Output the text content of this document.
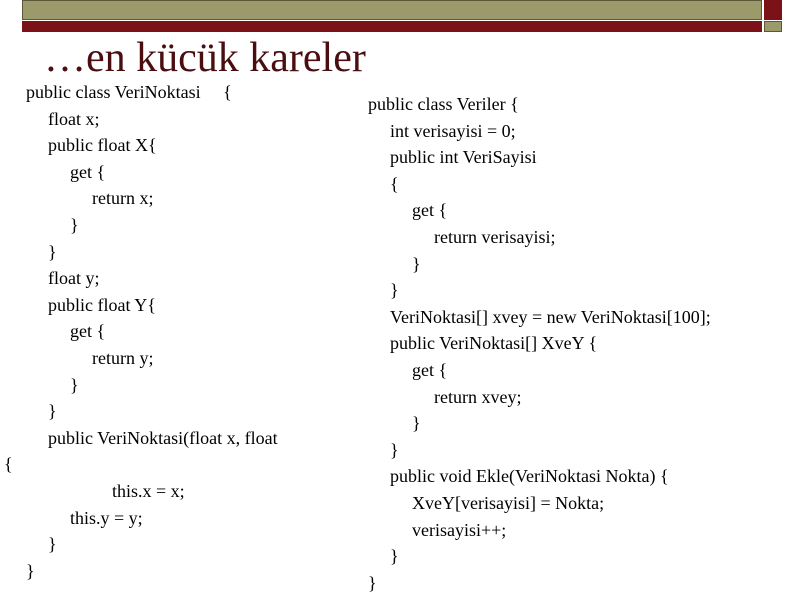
…en kücük kareler
public class VeriNoktasi     {
float x;
public float X{
get {
return x;
}
}
float y;
public float Y{
get {
return y;
}
}
public VeriNoktasi(float x, float
{
this.x = x;
this.y = y;
}
}
public class Veriler {
int verisayisi = 0;
public int VeriSayisi
{
get {
return verisayisi;
}
}
VeriNoktasi[] xvey = new VeriNoktasi[100];
public VeriNoktasi[] XveY {
get {
return xvey;
}
}
public void Ekle(VeriNoktasi Nokta) {
XveY[verisayisi] = Nokta;
verisayisi++;
}
}
